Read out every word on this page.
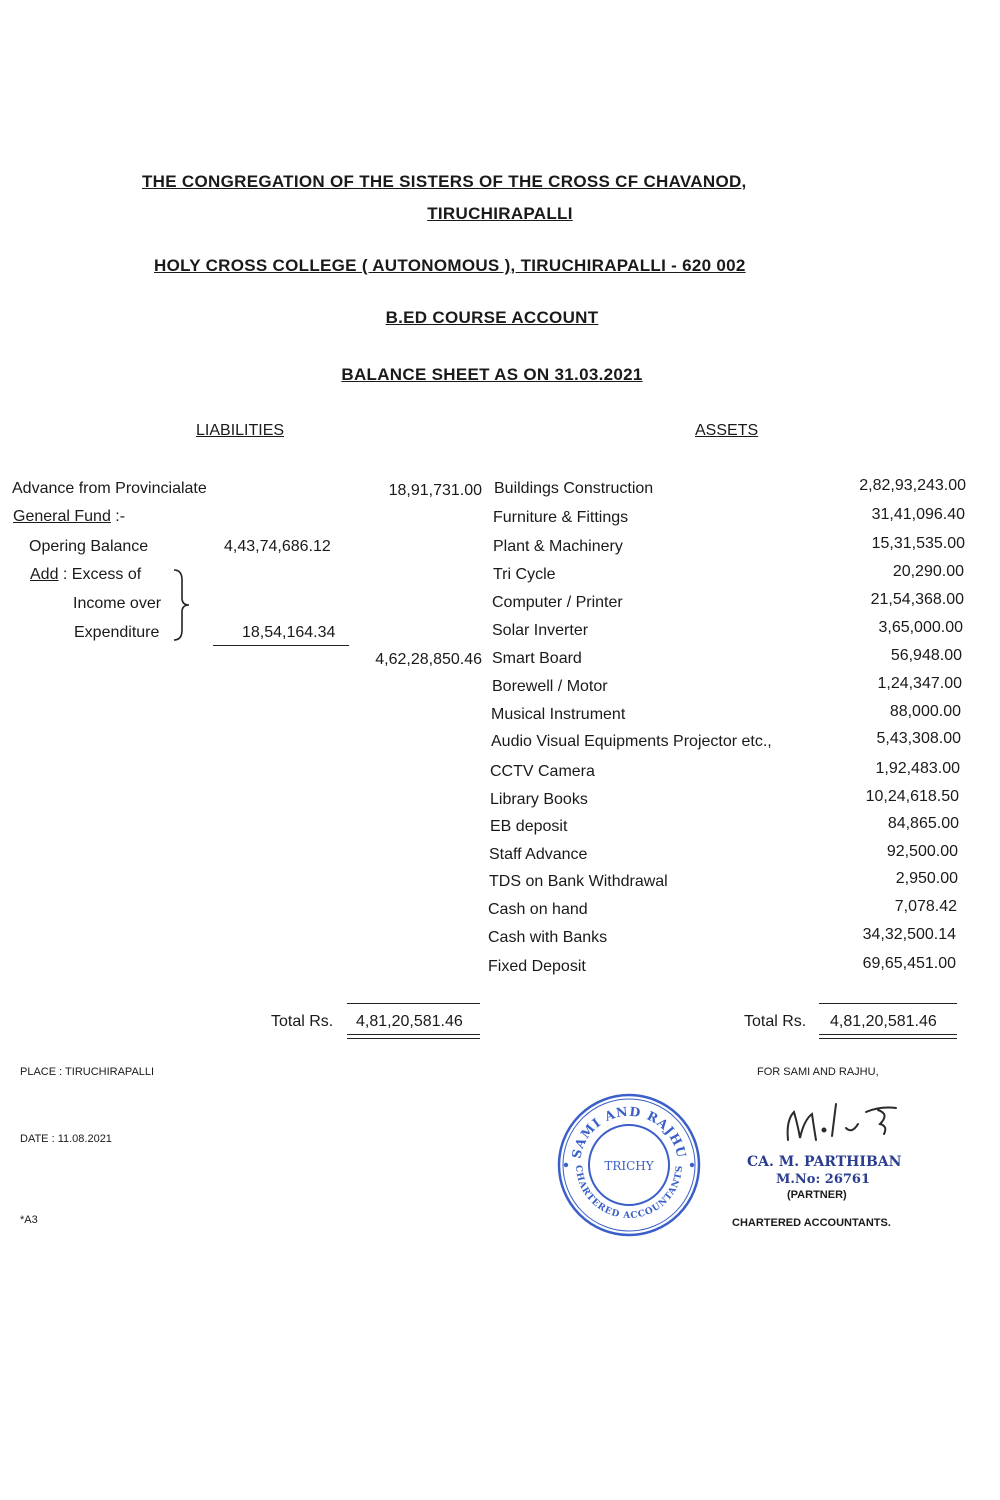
THE CONGREGATION OF THE SISTERS OF THE CROSS CF CHAVANOD,
TIRUCHIRAPALLI
HOLY CROSS COLLEGE ( AUTONOMOUS ), TIRUCHIRAPALLI - 620 002
B.ED COURSE ACCOUNT
BALANCE SHEET AS ON 31.03.2021
LIABILITIES	ASSETS
Advance from Provincialate	18,91,731.00
General Fund :-
Opering Balance	4,43,74,686.12
Add : Excess of
Income over
Expenditure	18,54,164.34
4,62,28,850.46
Buildings Construction	2,82,93,243.00
Furniture & Fittings	31,41,096.40
Plant & Machinery	15,31,535.00
Tri Cycle	20,290.00
Computer / Printer	21,54,368.00
Solar Inverter	3,65,000.00
Smart Board	56,948.00
Borewell / Motor	1,24,347.00
Musical Instrument	88,000.00
Audio Visual Equipments Projector etc.,	5,43,308.00
CCTV Camera	1,92,483.00
Library Books	10,24,618.50
EB deposit	84,865.00
Staff Advance	92,500.00
TDS on Bank Withdrawal	2,950.00
Cash on hand	7,078.42
Cash with Banks	34,32,500.14
Fixed Deposit	69,65,451.00
Total Rs. 4,81,20,581.46	Total Rs. 4,81,20,581.46
PLACE : TIRUCHIRAPALLI
DATE : 11.08.2021
*A3
FOR SAMI AND RAJHU,
CA. M. PARTHIBAN
M.No: 26761
(PARTNER)
CHARTERED ACCOUNTANTS.
SAMI AND RAJHU
CHARTERED ACCOUNTANTS
TRICHY
